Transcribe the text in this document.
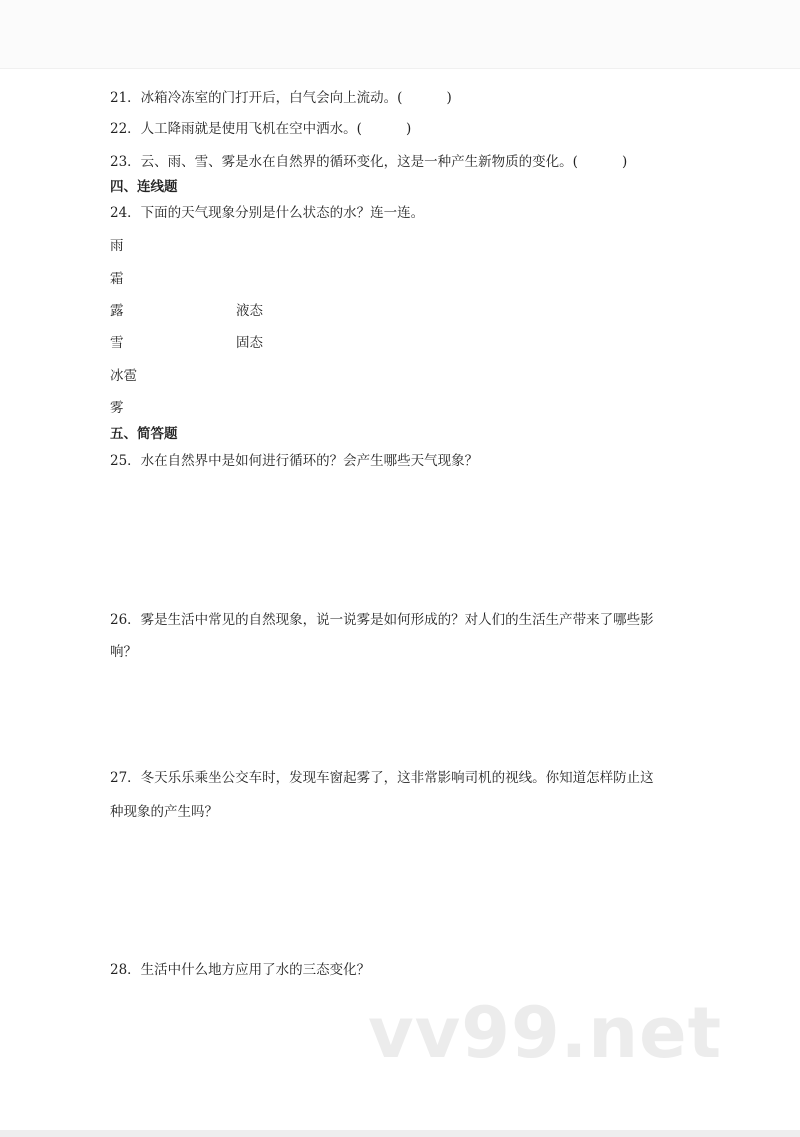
21．冰箱冷冻室的门打开后，白气会向上流动。(	)
22．人工降雨就是使用飞机在空中洒水。(	)
23．云、雨、雪、雾是水在自然界的循环变化，这是一种产生新物质的变化。(	)
四、连线题
24．下面的天气现象分别是什么状态的水？连一连。
雨
霜
露	液态
雪	固态
冰雹
雾
五、简答题
25．水在自然界中是如何进行循环的？会产生哪些天气现象？
26．雾是生活中常见的自然现象，说一说雾是如何形成的？对人们的生活生产带来了哪些影
响？
27．冬天乐乐乘坐公交车时，发现车窗起雾了，这非常影响司机的视线。你知道怎样防止这
种现象的产生吗？
28．生活中什么地方应用了水的三态变化？
vv99.net
